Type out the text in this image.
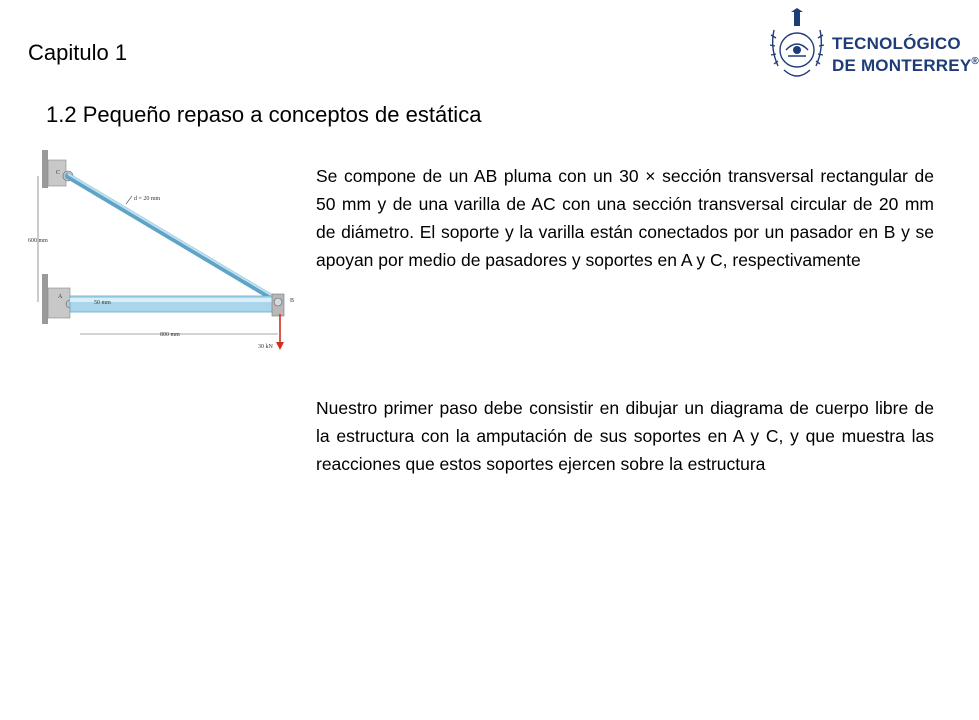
Capitulo 1
1.2 Pequeño repaso a conceptos de estática
TECNOLÓGICO
DE MONTERREY®
600 mm
d = 20 mm
50 mm
800 mm
30 kN
A
B
C	Se compone de un AB pluma con un 30 × sección transversal rectangular de 50 mm y de una varilla de AC con una sección transversal circular de 20 mm de diámetro. El soporte y la varilla están conectados por un pasador en B y se apoyan por medio de pasadores y soportes en A y C, respectivamente
Nuestro primer paso debe consistir en dibujar un diagrama de cuerpo libre de la estructura con la amputación de sus soportes en A y C, y que muestra las reacciones que estos soportes ejercen sobre la estructura
